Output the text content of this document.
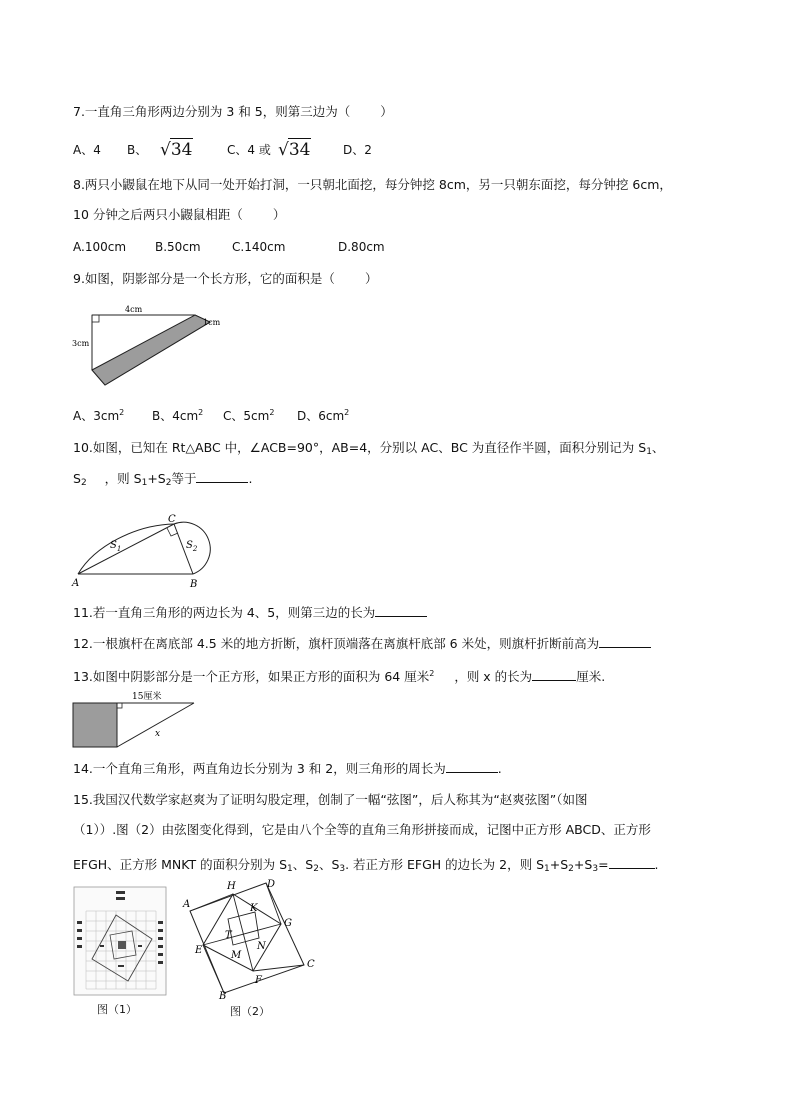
7.一直角三角形两边分别为 3 和 5，则第三边为（ ）
A、4 B、 √34	C、4 或 √34	D、2
8.两只小鼹鼠在地下从同一处开始打洞，一只朝北面挖，每分钟挖 8cm，另一只朝东面挖，每分钟挖 6cm，
10 分钟之后两只小鼹鼠相距（ ）
A.100cm B.50cm	C.140cm	D.80cm
9.如图，阴影部分是一个长方形，它的面积是（ ）
4cm
3cm
1cm
A、$3cm^2$ B、$4cm^2$ C、$5cm^2$ D、$6cm^2$
10.如图，已知在 Rt△ABC 中，∠ACB=90°，AB=4，分别以 AC、BC 为直径作半圆，面积分别记为 $S_1$、
$S_2$ ，则 $S_1+S_2$等于	.
A	B
C
$S_1$	$S_2$
11.若一直角三角形的两边长为 4、5，则第三边的长为
12.一根旗杆在离底部 4.5 米的地方折断，旗杆顶端落在离旗杆底部 6 米处，则旗杆折断前高为
13.如图中阴影部分是一个正方形，如果正方形的面积为 64 厘米$^2$ ，则 x 的长为	厘米.
15厘米
x
14.一个直角三角形，两直角边长分别为 3 和 2，则三角形的周长为	.
15.我国汉代数学家赵爽为了证明勾股定理，创制了一幅“弦图”，后人称其为“赵爽弦图”（如图
（1））.图（2）由弦图变化得到，它是由八个全等的直角三角形拼接而成，记图中正方形 ABCD、正方形
EFGH、正方形 MNKT 的面积分别为 $S_1$、$S_2$、$S_3$. 若正方形 EFGH 的边长为 2，则 $S_1+S_2+S_3=$	.
图（1）
D
C
B
A
H
G
F
E
K
T
N
M
图（2）
